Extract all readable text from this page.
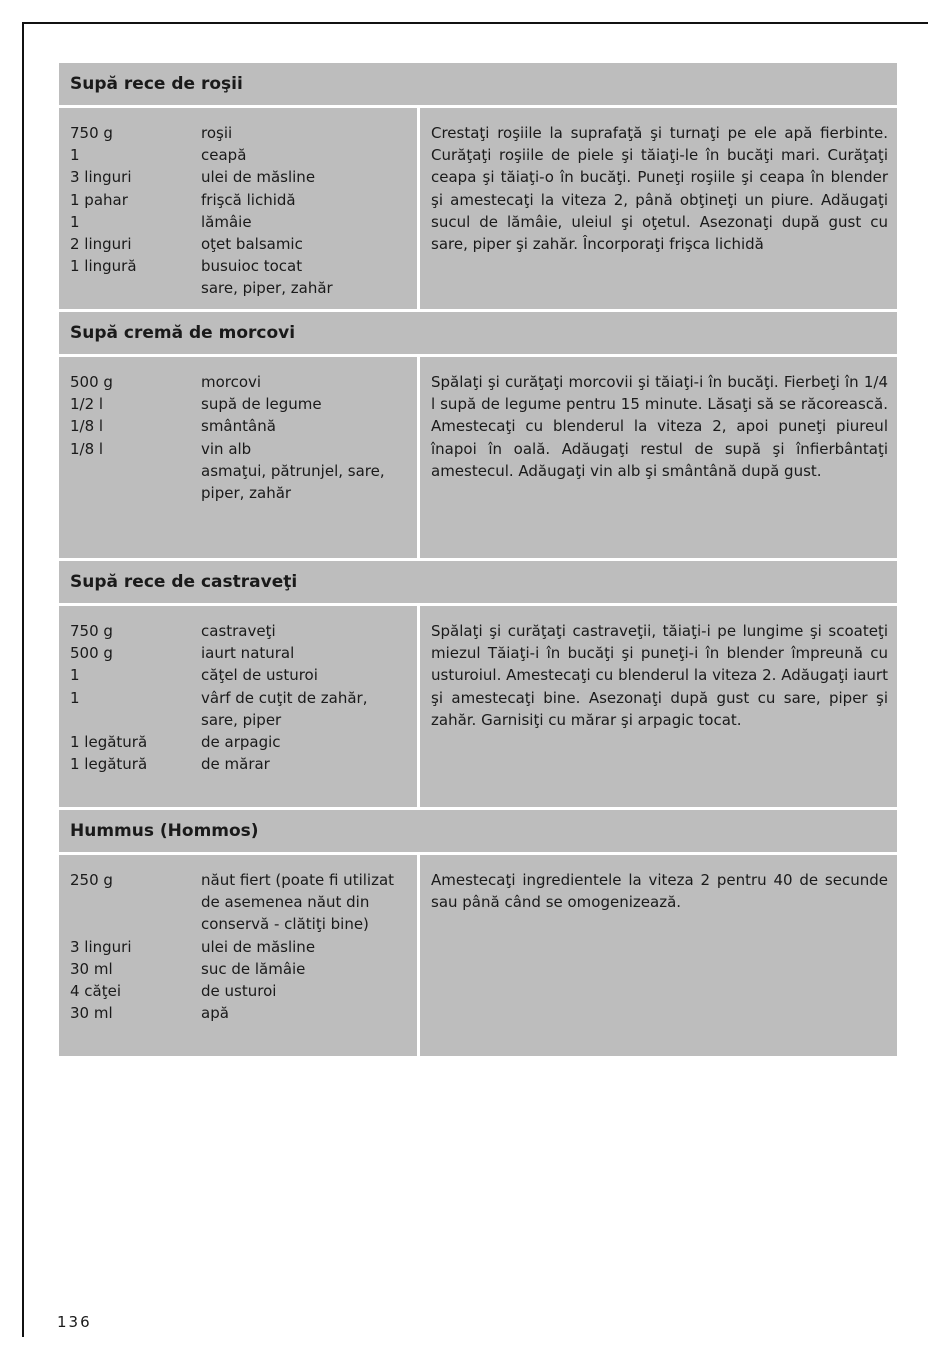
Supă rece de roşii
750 g	roşii
1	ceapă
3 linguri	ulei de măsline
1 pahar	frişcă lichidă
1	lămâie
2 linguri	oţet balsamic
1 lingură	busuioc tocat
sare, piper, zahăr
Crestaţi roşiile la suprafaţă şi turnaţi pe ele apă fierbinte. Curăţaţi roşiile de piele şi tăiaţi-le în bucăţi mari. Curăţaţi ceapa şi tăiaţi-o în bucăţi. Puneţi roşiile şi ceapa în blender şi amestecaţi la viteza 2, până obţineţi un piure. Adăugaţi sucul de lămâie, uleiul şi oţetul. Asezonaţi după gust cu sare, piper şi zahăr. Încorporaţi frişca lichidă
Supă cremă de morcovi
500 g	morcovi
1/2 l	supă de legume
1/8 l	smântână
1/8 l	vin alb
asmaţui, pătrunjel, sare, piper, zahăr
Spălaţi şi curăţaţi morcovii şi tăiaţi-i în bucăţi. Fierbeţi în 1/4 l supă de legume pentru 15 minute. Lăsaţi să se răcorească. Amestecaţi cu blenderul la viteza 2, apoi puneţi piureul înapoi în oală. Adăugaţi restul de supă şi înfierbântaţi amestecul. Adăugaţi vin alb şi smântână după gust.
Supă rece de castraveţi
750 g	castraveţi
500 g	iaurt natural
1	căţel de usturoi
1	vârf de cuţit de zahăr, sare, piper
1 legătură	de arpagic
1 legătură	de mărar
Spălaţi şi curăţaţi castraveţii, tăiaţi-i pe lungime şi scoateţi miezul Tăiaţi-i în bucăţi şi puneţi-i în blender împreună cu usturoiul. Amestecaţi cu blenderul la viteza 2. Adăugaţi iaurt şi amestecaţi bine. Asezonaţi după gust cu sare, piper şi zahăr. Garnisiţi cu mărar şi arpagic tocat.
Hummus (Hommos)
250 g	năut fiert (poate fi utilizat de asemenea năut din conservă - clătiţi bine)
3 linguri	ulei de măsline
30 ml	suc de lămâie
4 căţei	de usturoi
30 ml	apă
Amestecaţi ingredientele la viteza 2 pentru 40 de secunde sau până când se omogenizează.
136
